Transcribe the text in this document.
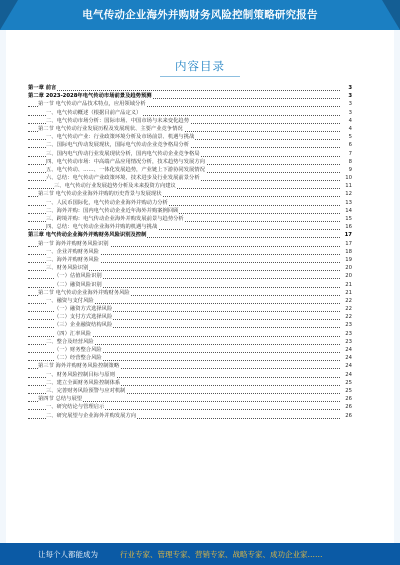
电气传动企业海外并购财务风险控制策略研究报告
内容目录
第一章 前言	3
第二章 2023-2028年电气传动市场前景及趋势预测	3
第一节 电气传动产品技术特点，应用领域分析	3
一、电气传动概述（根据目前产品定义）	3
二、电气传动市场分析：国际市场、中国市场与未来变化趋势	4
第二节 电气传动行业发展历程及发展现状、主要产业竞争情况	4
一、电气传动产业：行业政策环境分析及市场前景、机遇与挑战	5
二、国际电气传动发展现状，国际电气传动企业竞争格局分析	6
三、国内电气传动行业发展现状分析，国内电气传动企业竞争格局	7
四、电气传动市场：中高端产品应用情况分析，技术趋势与发展方向	8
五、电气传动、……、一体化发展趋势，产业链上下游协同发展情况	9
六、总结：电气传动产业政策环境、技术进步及行业发展前景分析	10
三、电气传动行业发展趋势分析及未来投资方向建议	11
第三节 电气传动企业海外并购的历史背景与发展现状	12
一、人民币国际化，电气传动企业海外并购动力分析	13
二、海外并购：国内电气传动企业近年海外并购案例回顾	14
三、跨境并购：电气传动企业海外并购发展前景与趋势分析	15
四、总结：电气传动企业海外并购的机遇与挑战	16
第三章 电气传动企业海外并购财务风险识别及控制	17
第一节 海外并购财务风险识别	17
一、企业并购财务风险	18
二、海外并购财务风险	19
三、财务风险识别	20
（一）估值风险识别	20
（二）融资风险识别	21
第二节 电气传动企业海外并购财务风险	21
一、融资与支付风险	22
（一）融资方式选择风险	22
（二）支付方式选择风险	22
（三）企业融资结构风险	23
（四）汇率风险	23
二、整合及经营风险	23
（一）财务整合风险	24
（二）经营整合风险	24
第三节 海外并购财务风险控制策略	24
一、财务风险控制目标与原则	24
二、建立全面财务风险控制体系	25
三、完善财务风险预警与应对机制	25
第四节 总结与展望	26
一、研究结论与管理启示	26
二、研究展望与企业海外并购发展方向	26
让每个人都能成为	行业专家、管理专家、营销专家、战略专家、成功企业家……
